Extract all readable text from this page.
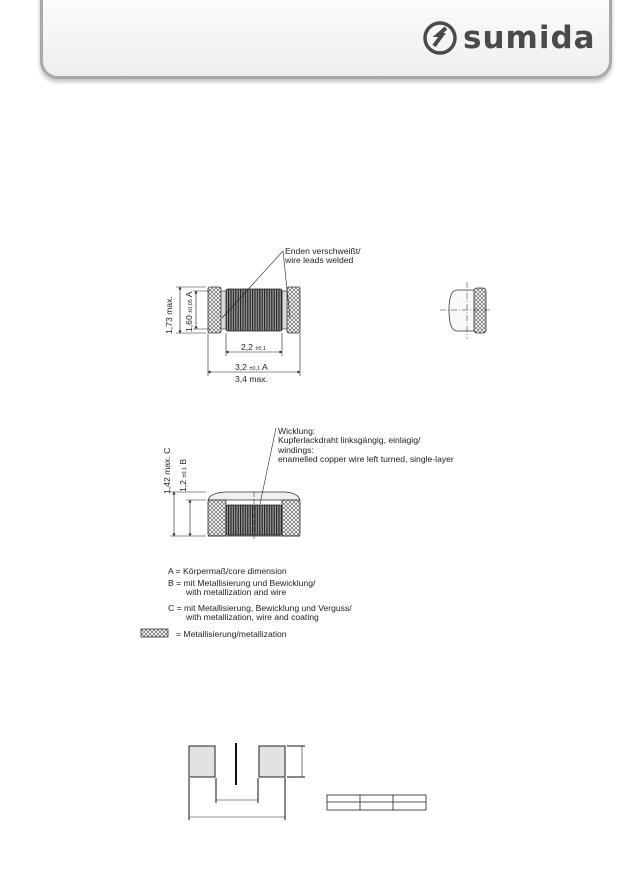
sumida
Enden verschweißt/
wire leads welded
1,73 max. 1,60 ±0,05 A
2,2 ±0,1
3,2 ±0,1 A
3,4 max.
Wicklung:
Kupferlackdraht linksgängig, einlagig/
windings:
enamelled copper wire left turned, single-layer
1,42 max. C
1,2 ±0,1 B
A = Körpermaß/core dimension
B = mit Metallisierung und Bewicklung/
with metallization and wire
C = mit Metallisierung, Bewicklung und Verguss/
with metallization, wire and coating
= Metallisierung/metallization
